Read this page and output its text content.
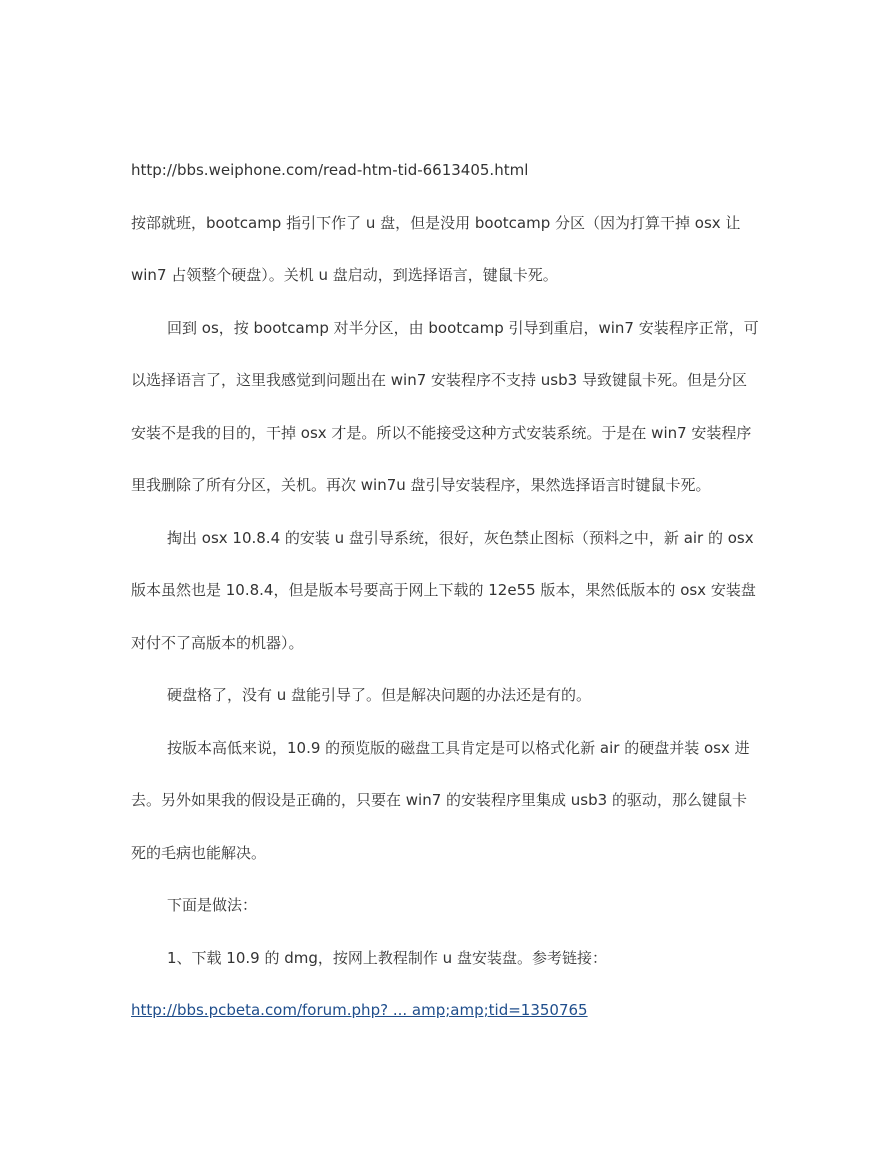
http://bbs.weiphone.com/read-htm-tid-6613405.html
按部就班，bootcamp 指引下作了 u 盘，但是没用 bootcamp 分区（因为打算干掉 osx 让
win7 占领整个硬盘）。关机 u 盘启动，到选择语言，键鼠卡死。
回到 os，按 bootcamp 对半分区，由 bootcamp 引导到重启，win7 安装程序正常，可
以选择语言了，这里我感觉到问题出在 win7 安装程序不支持 usb3 导致键鼠卡死。但是分区
安装不是我的目的，干掉 osx 才是。所以不能接受这种方式安装系统。于是在 win7 安装程序
里我删除了所有分区，关机。再次 win7u 盘引导安装程序，果然选择语言时键鼠卡死。
掏出 osx 10.8.4 的安装 u 盘引导系统，很好，灰色禁止图标（预料之中，新 air 的 osx
版本虽然也是 10.8.4，但是版本号要高于网上下载的 12e55 版本，果然低版本的 osx 安装盘
对付不了高版本的机器）。
硬盘格了，没有 u 盘能引导了。但是解决问题的办法还是有的。
按版本高低来说，10.9 的预览版的磁盘工具肯定是可以格式化新 air 的硬盘并装 osx 进
去。另外如果我的假设是正确的，只要在 win7 的安装程序里集成 usb3 的驱动，那么键鼠卡
死的毛病也能解决。
下面是做法：
1、下载 10.9 的 dmg，按网上教程制作 u 盘安装盘。参考链接：
http://bbs.pcbeta.com/forum.php? ... amp;amp;tid=1350765
